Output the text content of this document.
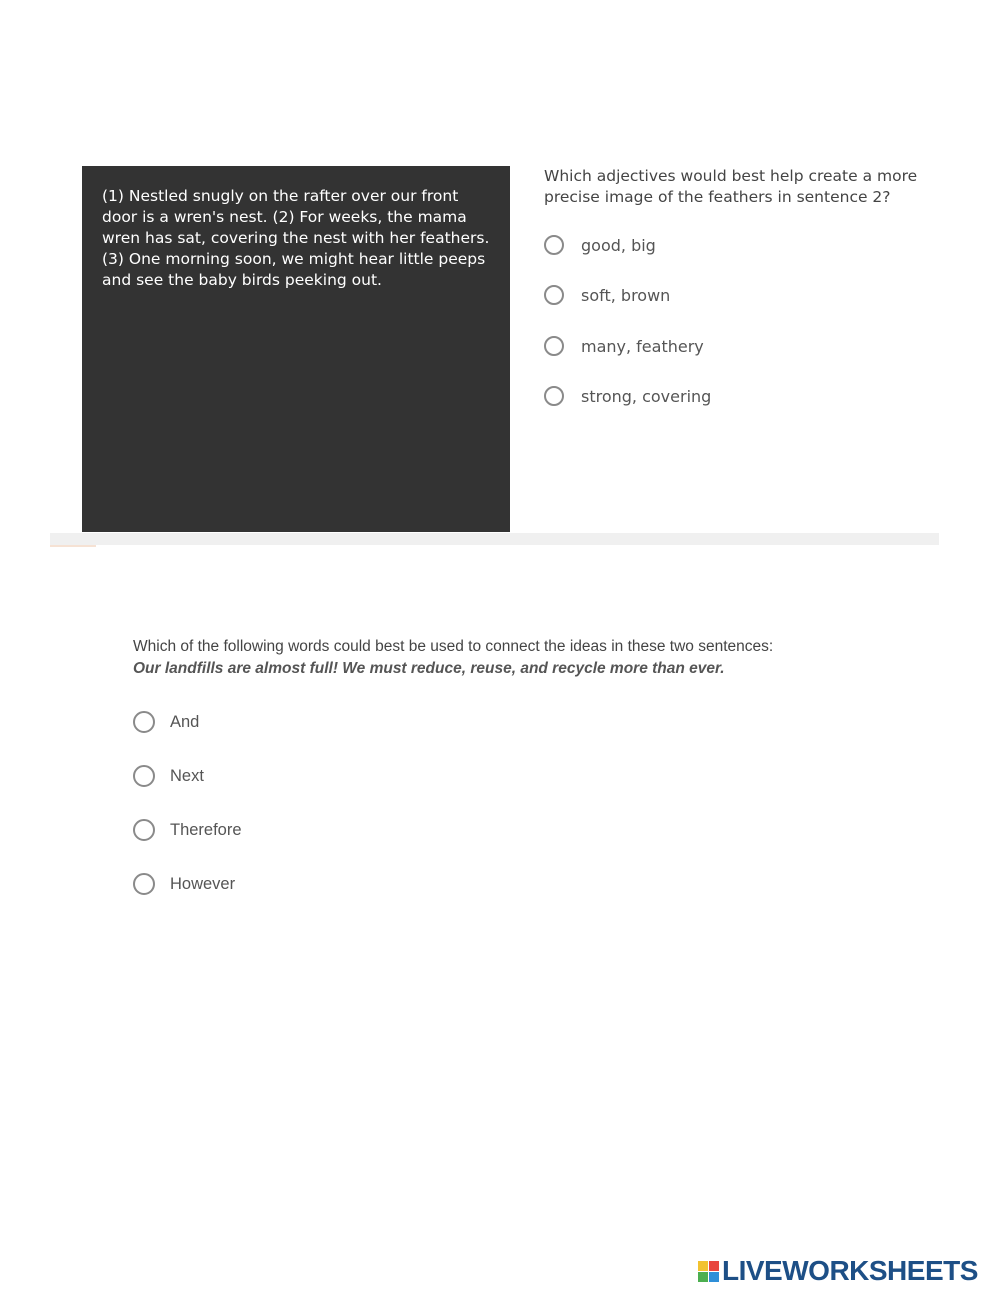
(1) Nestled snugly on the rafter over our front door is a wren's nest. (2) For weeks, the mama wren has sat, covering the nest with her feathers. (3) One morning soon, we might hear little peeps and see the baby birds peeking out.

Which adjectives would best help create a more precise image of the feathers in sentence 2?

good, big
soft, brown
many, feathery
strong, covering

Which of the following words could best be used to connect the ideas in these two sentences:
Our landfills are almost full! We must reduce, reuse, and recycle more than ever.

And
Next
Therefore
However
LIVEWORKSHEETS
